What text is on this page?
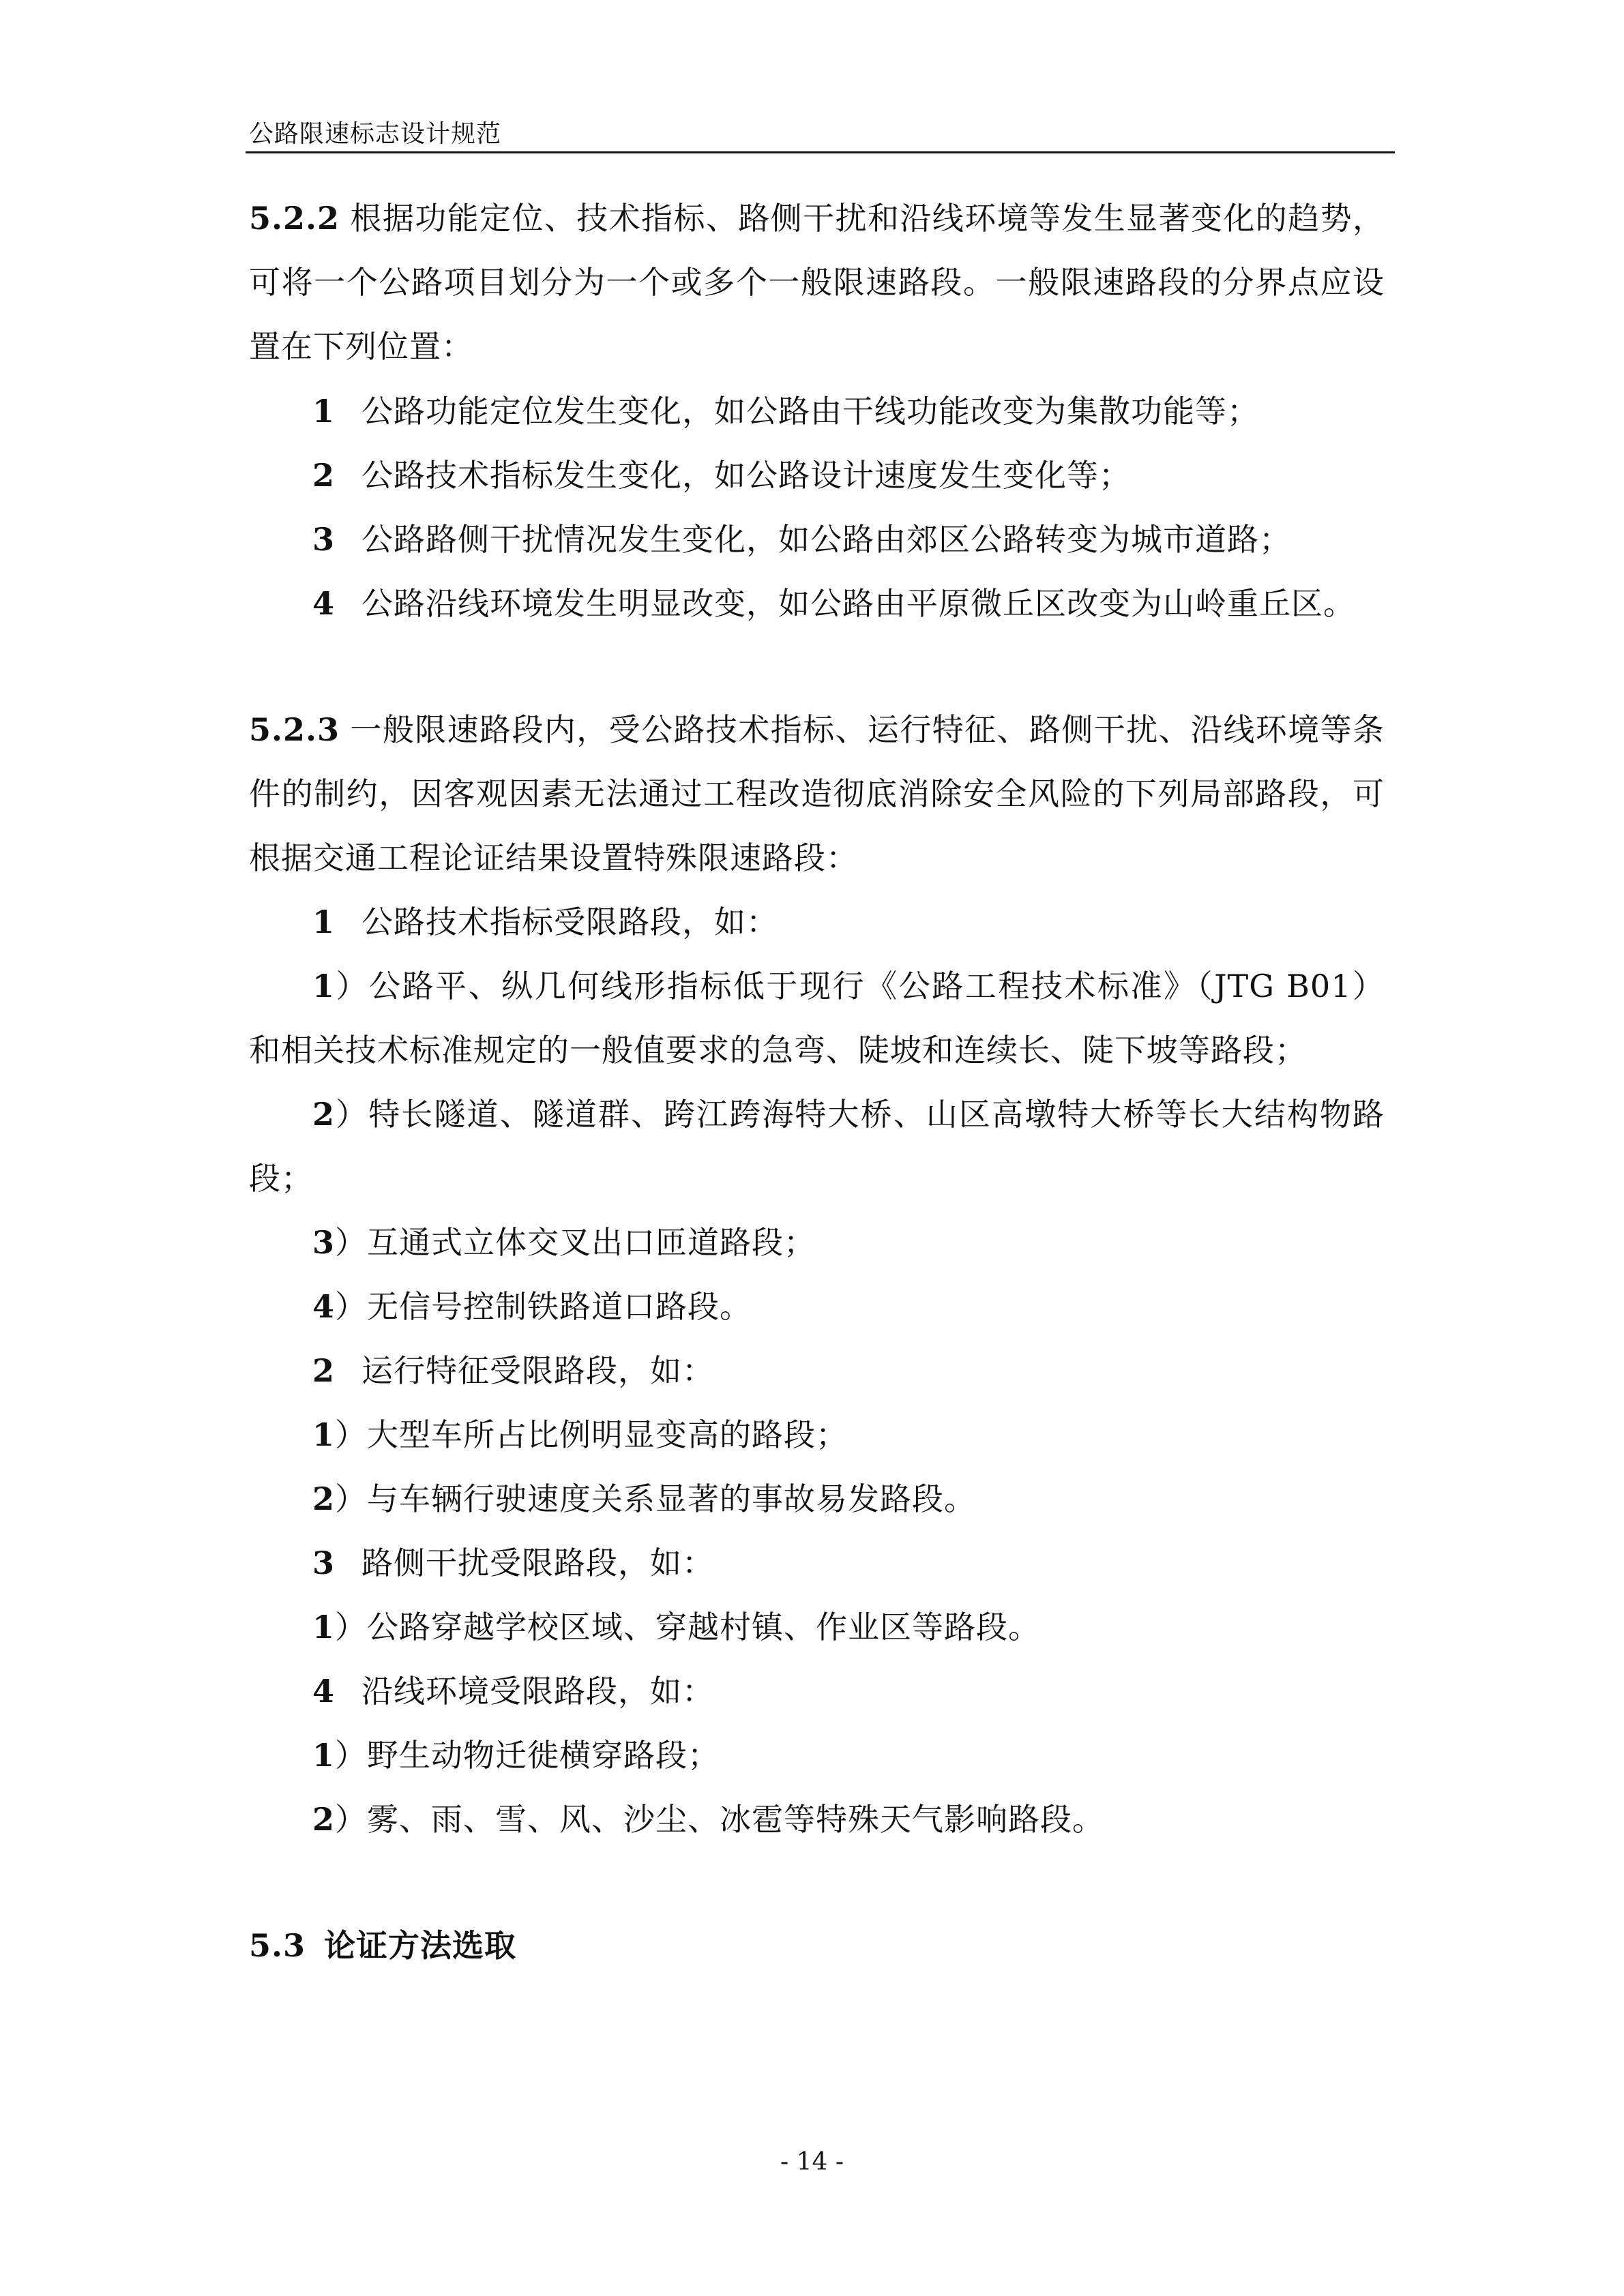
公路限速标志设计规范
5.2.2 根据功能定位、技术指标、路侧干扰和沿线环境等发生显著变化的趋势，
可将一个公路项目划分为一个或多个一般限速路段。一般限速路段的分界点应设
置在下列位置：
1 公路功能定位发生变化，如公路由干线功能改变为集散功能等；
2 公路技术指标发生变化，如公路设计速度发生变化等；
3 公路路侧干扰情况发生变化，如公路由郊区公路转变为城市道路；
4 公路沿线环境发生明显改变，如公路由平原微丘区改变为山岭重丘区。
5.2.3 一般限速路段内，受公路技术指标、运行特征、路侧干扰、沿线环境等条
件的制约，因客观因素无法通过工程改造彻底消除安全风险的下列局部路段，可
根据交通工程论证结果设置特殊限速路段：
1 公路技术指标受限路段，如：
1）公路平、纵几何线形指标低于现行《公路工程技术标准》（JTG B01）
和相关技术标准规定的一般值要求的急弯、陡坡和连续长、陡下坡等路段；
2）特长隧道、隧道群、跨江跨海特大桥、山区高墩特大桥等长大结构物路
段；
3）互通式立体交叉出口匝道路段；
4）无信号控制铁路道口路段。
2 运行特征受限路段，如：
1）大型车所占比例明显变高的路段；
2）与车辆行驶速度关系显著的事故易发路段。
3 路侧干扰受限路段，如：
1）公路穿越学校区域、穿越村镇、作业区等路段。
4 沿线环境受限路段，如：
1）野生动物迁徙横穿路段；
2）雾、雨、雪、风、沙尘、冰雹等特殊天气影响路段。
5.3 论证方法选取
- 14 -
